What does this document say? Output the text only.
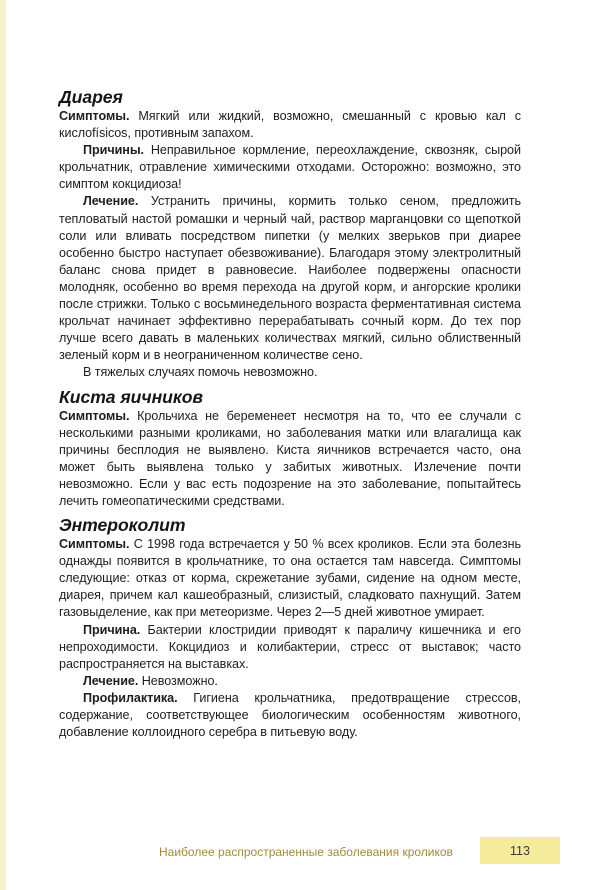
Диарея

Симптомы. Мягкий или жидкий, возможно, смешанный с кровью кал с кислоfísicos, противным запахом.

Причины. Неправильное кормление, переохлаждение, сквозняк, сырой крольчатник, отравление химическими отходами. Осторожно: возможно, это симптом кокцидиоза!

Лечение. Устранить причины, кормить только сеном, предложить тепловатый настой ромашки и черный чай, раствор марганцовки со щепоткой соли или вливать посредством пипетки (у мелких зверьков при диарее особенно быстро наступает обезвоживание). Благодаря этому электролитный баланс снова придет в равновесие. Наиболее подвержены опасности молодняк, особенно во время перехода на другой корм, и ангорские кролики после стрижки. Только с восьминедельного возраста ферментативная система крольчат начинает эффективно перерабатывать сочный корм. До тех пор лучше всего давать в маленьких количествах мягкий, сильно облиственный зеленый корм и в неограниченном количестве сено.

В тяжелых случаях помочь невозможно.

Киста яичников

Симптомы. Крольчиха не беременеет несмотря на то, что ее случали с несколькими разными кроликами, но заболевания матки или влагалища как причины бесплодия не выявлено. Киста яичников встречается часто, она может быть выявлена только у забитых животных. Излечение почти невозможно. Если у вас есть подозрение на это заболевание, попытайтесь лечить гомеопатическими средствами.

Энтероколит

Симптомы. С 1998 года встречается у 50 % всех кроликов. Если эта болезнь однажды появится в крольчатнике, то она остается там навсегда. Симптомы следующие: отказ от корма, скрежетание зубами, сидение на одном месте, диарея, причем кал кашеобразный, слизистый, сладковато пахнущий. Затем газовыделение, как при метеоризме. Через 2—5 дней животное умирает.

Причина. Бактерии клостридии приводят к параличу кишечника и его непроходимости. Кокцидиоз и колибактерии, стресс от выставок; часто распространяется на выставках.

Лечение. Невозможно.

Профилактика. Гигиена крольчатника, предотвращение стрессов, содержание, соответствующее биологическим особенностям животного, добавление коллоидного серебра в питьевую воду.

Наиболее распространенные заболевания кроликов	113
